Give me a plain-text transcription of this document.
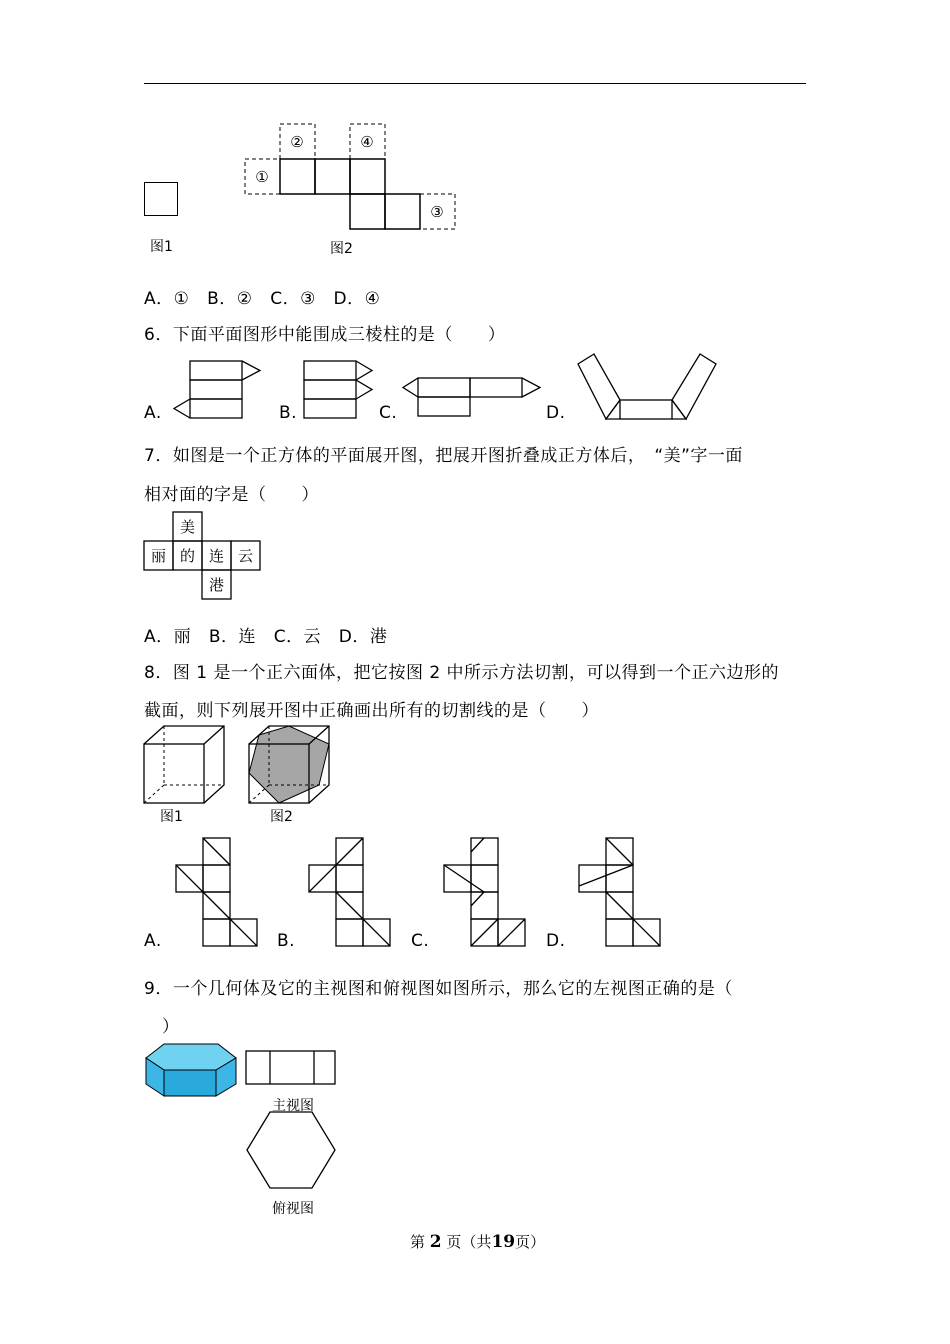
图1
①
②
③
④
图2
A．①   B．②   C．③   D．④
6．下面平面图形中能围成三棱柱的是（　　）
A.	B.	C.	D.
7．如图是一个正方体的平面展开图，把展开图折叠成正方体后，　“美”字一面
相对面的字是（　　）
美
丽 的 连 云
港
A．丽   B．连   C．云   D．港
8．图 1 是一个正六面体，把它按图 2 中所示方法切割，可以得到一个正六边形的
截面，则下列展开图中正确画出所有的切割线的是（　　）
图1	图2
A.	B.	C.	D.
9．一个几何体及它的主视图和俯视图如图所示，那么它的左视图正确的是（
）
主视图
俯视图
第 2 页（共19页）
